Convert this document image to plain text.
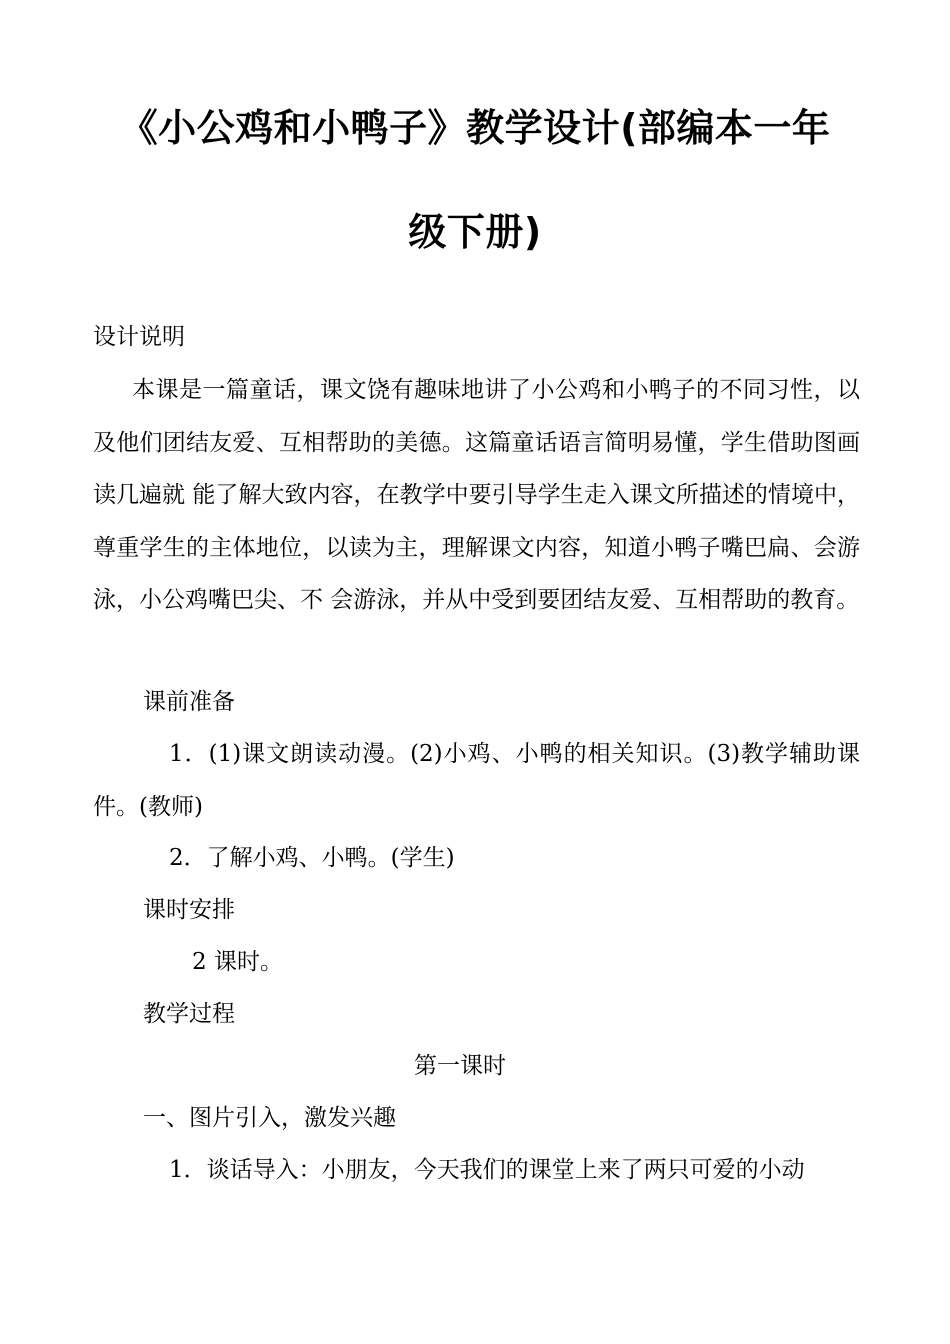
《小公鸡和小鸭子》教学设计(部编本一年
级下册)

设计说明

本课是一篇童话，课文饶有趣味地讲了小公鸡和小鸭子的不同习性，以及他们团结友爱、互相帮助的美德。这篇童话语言简明易懂，学生借助图画读几遍就 能了解大致内容，在教学中要引导学生走入课文所描述的情境中，尊重学生的主体地位，以读为主，理解课文内容，知道小鸭子嘴巴扁、会游泳，小公鸡嘴巴尖、不 会游泳，并从中受到要团结友爱、互相帮助的教育。

课前准备

1．(1)课文朗读动漫。(2)小鸡、小鸭的相关知识。(3)教学辅助课件。(教师)

2．了解小鸡、小鸭。(学生)

课时安排

2 课时。

教学过程

第一课时

一、图片引入，激发兴趣

1．谈话导入：小朋友，今天我们的课堂上来了两只可爱的小动
